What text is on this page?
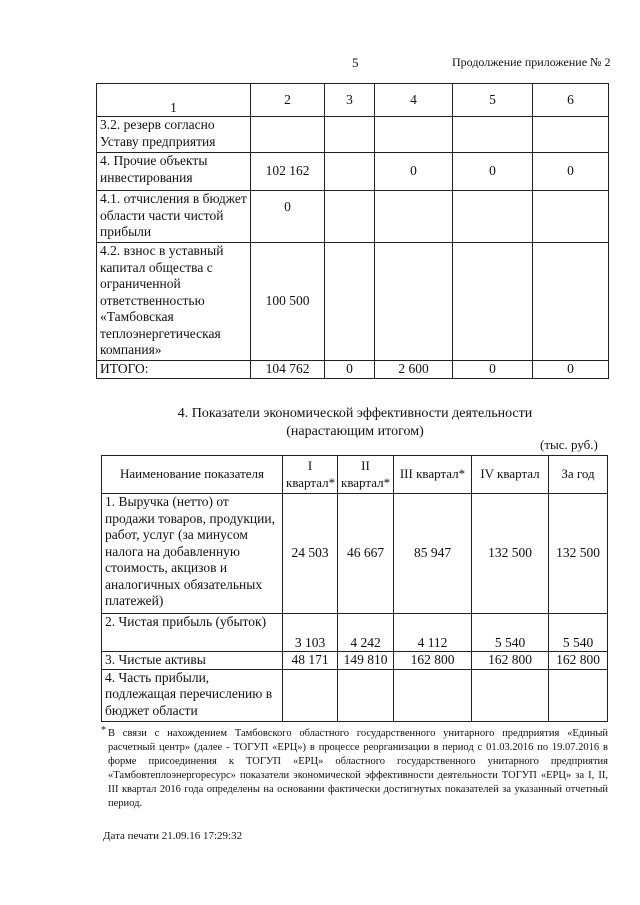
5	Продолжение приложение № 2
1	2	3	4	5	6
3.2. резерв согласно Уставу предприятия					
4. Прочие объекты инвестирования	102 162		0	0	0
4.1. отчисления в бюджет области части чистой прибыли	0				
4.2. взнос в уставный капитал общества с ограниченной ответственностью «Тамбовская теплоэнергетическая компания»	100 500				
ИТОГО:	104 762	0	2 600	0	0
4. Показатели экономической эффективности деятельности
(нарастающим итогом)
(тыс. руб.)
Наименование показателя	I квартал*	II квартал*	III квартал*	IV квартал	За год
1. Выручка (нетто) от продажи товаров, продукции, работ, услуг (за минусом налога на добавленную стоимость, акцизов и аналогичных обязательных платежей)	24 503	46 667	85 947	132 500	132 500
2. Чистая прибыль (убыток)	3 103	4 242	4 112	5 540	5 540
3. Чистые активы	48 171	149 810	162 800	162 800	162 800
4. Часть прибыли, подлежащая перечислению в бюджет области					
* В связи с нахождением Тамбовского областного государственного унитарного предприятия «Единый расчетный центр» (далее - ТОГУП «ЕРЦ») в процессе реорганизации в период с 01.03.2016 по 19.07.2016 в форме присоединения к ТОГУП «ЕРЦ» областного государственного унитарного предприятия «Тамбовтеплоэнергоресурс» показатели экономической эффективности деятельности ТОГУП «ЕРЦ» за I, II, III квартал 2016 года определены на основании фактически достигнутых показателей за указанный отчетный период.
Дата печати 21.09.16 17:29:32
